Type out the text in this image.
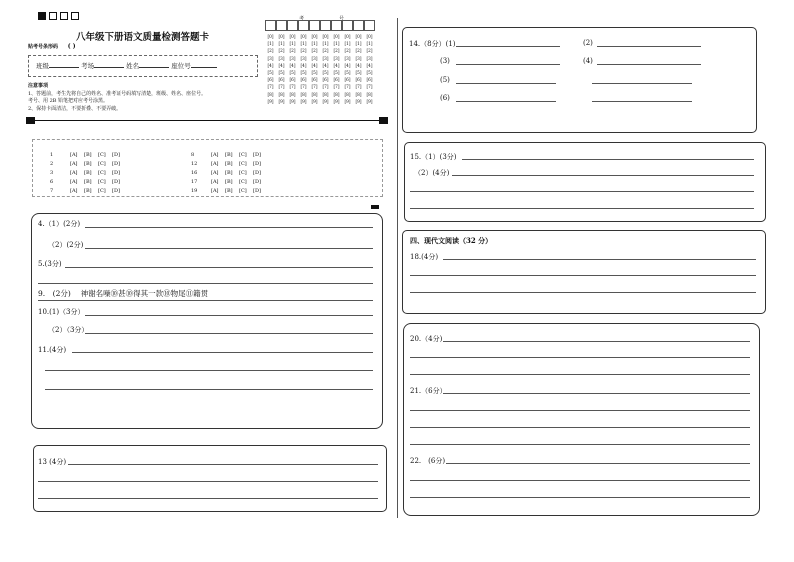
八年级下册语文质量检测答题卡
贴考号条形码 ( )
班级	考场	姓名	座位号
注意事项
1、答题前，考生先将自己的姓名、准考证号码填写清楚，班级、姓名、座位号。
考号、用 2B 铅笔把对应考号涂黑。
2、保持卡面清洁，不要折叠、不要弄破。
考	号
[0]	[0]	[0]	[0]	[0]	[0]	[0]	[0]	[0]	[0]
[1]	[1]	[1]	[1]	[1]	[1]	[1]	[1]	[1]	[1]
[2]	[2]	[2]	[2]	[2]	[2]	[2]	[2]	[2]	[2]
[3]	[3]	[3]	[3]	[3]	[3]	[3]	[3]	[3]	[3]
[4]	[4]	[4]	[4]	[4]	[4]	[4]	[4]	[4]	[4]
[5]	[5]	[5]	[5]	[5]	[5]	[5]	[5]	[5]	[5]
[6]	[6]	[6]	[6]	[6]	[6]	[6]	[6]	[6]	[6]
[7]	[7]	[7]	[7]	[7]	[7]	[7]	[7]	[7]	[7]
[8]	[8]	[8]	[8]	[8]	[8]	[8]	[8]	[8]	[8]
[9]	[9]	[9]	[9]	[9]	[9]	[9]	[9]	[9]	[9]
1	[A] [B] [C] [D]
2	[A] [B] [C] [D]
3	[A] [B] [C] [D]
6	[A] [B] [C] [D]
7	[A] [B] [C] [D]
8	[A] [B] [C] [D]
12	[A] [B] [C] [D]
16	[A] [B] [C] [D]
17	[A] [B] [C] [D]
19	[A] [B] [C] [D]
4.（1）(2分)
（2）(2分)
5.(3分)
9.　(2分)　 神谢名噪⑩甚⑩得其一款⑩物尾⑪籍贯
10.(1)（3分）
（2）（3分）
11.(4分)
13 (4分)
14.（8分）(1)	(2)
(3)	(4)
(5)
(6)
15.（1）(3分)
（2）(4分)
四、现代文阅读（32 分）
18.(4分)
20.（4分)
21.（6分）
22.　(6分)
